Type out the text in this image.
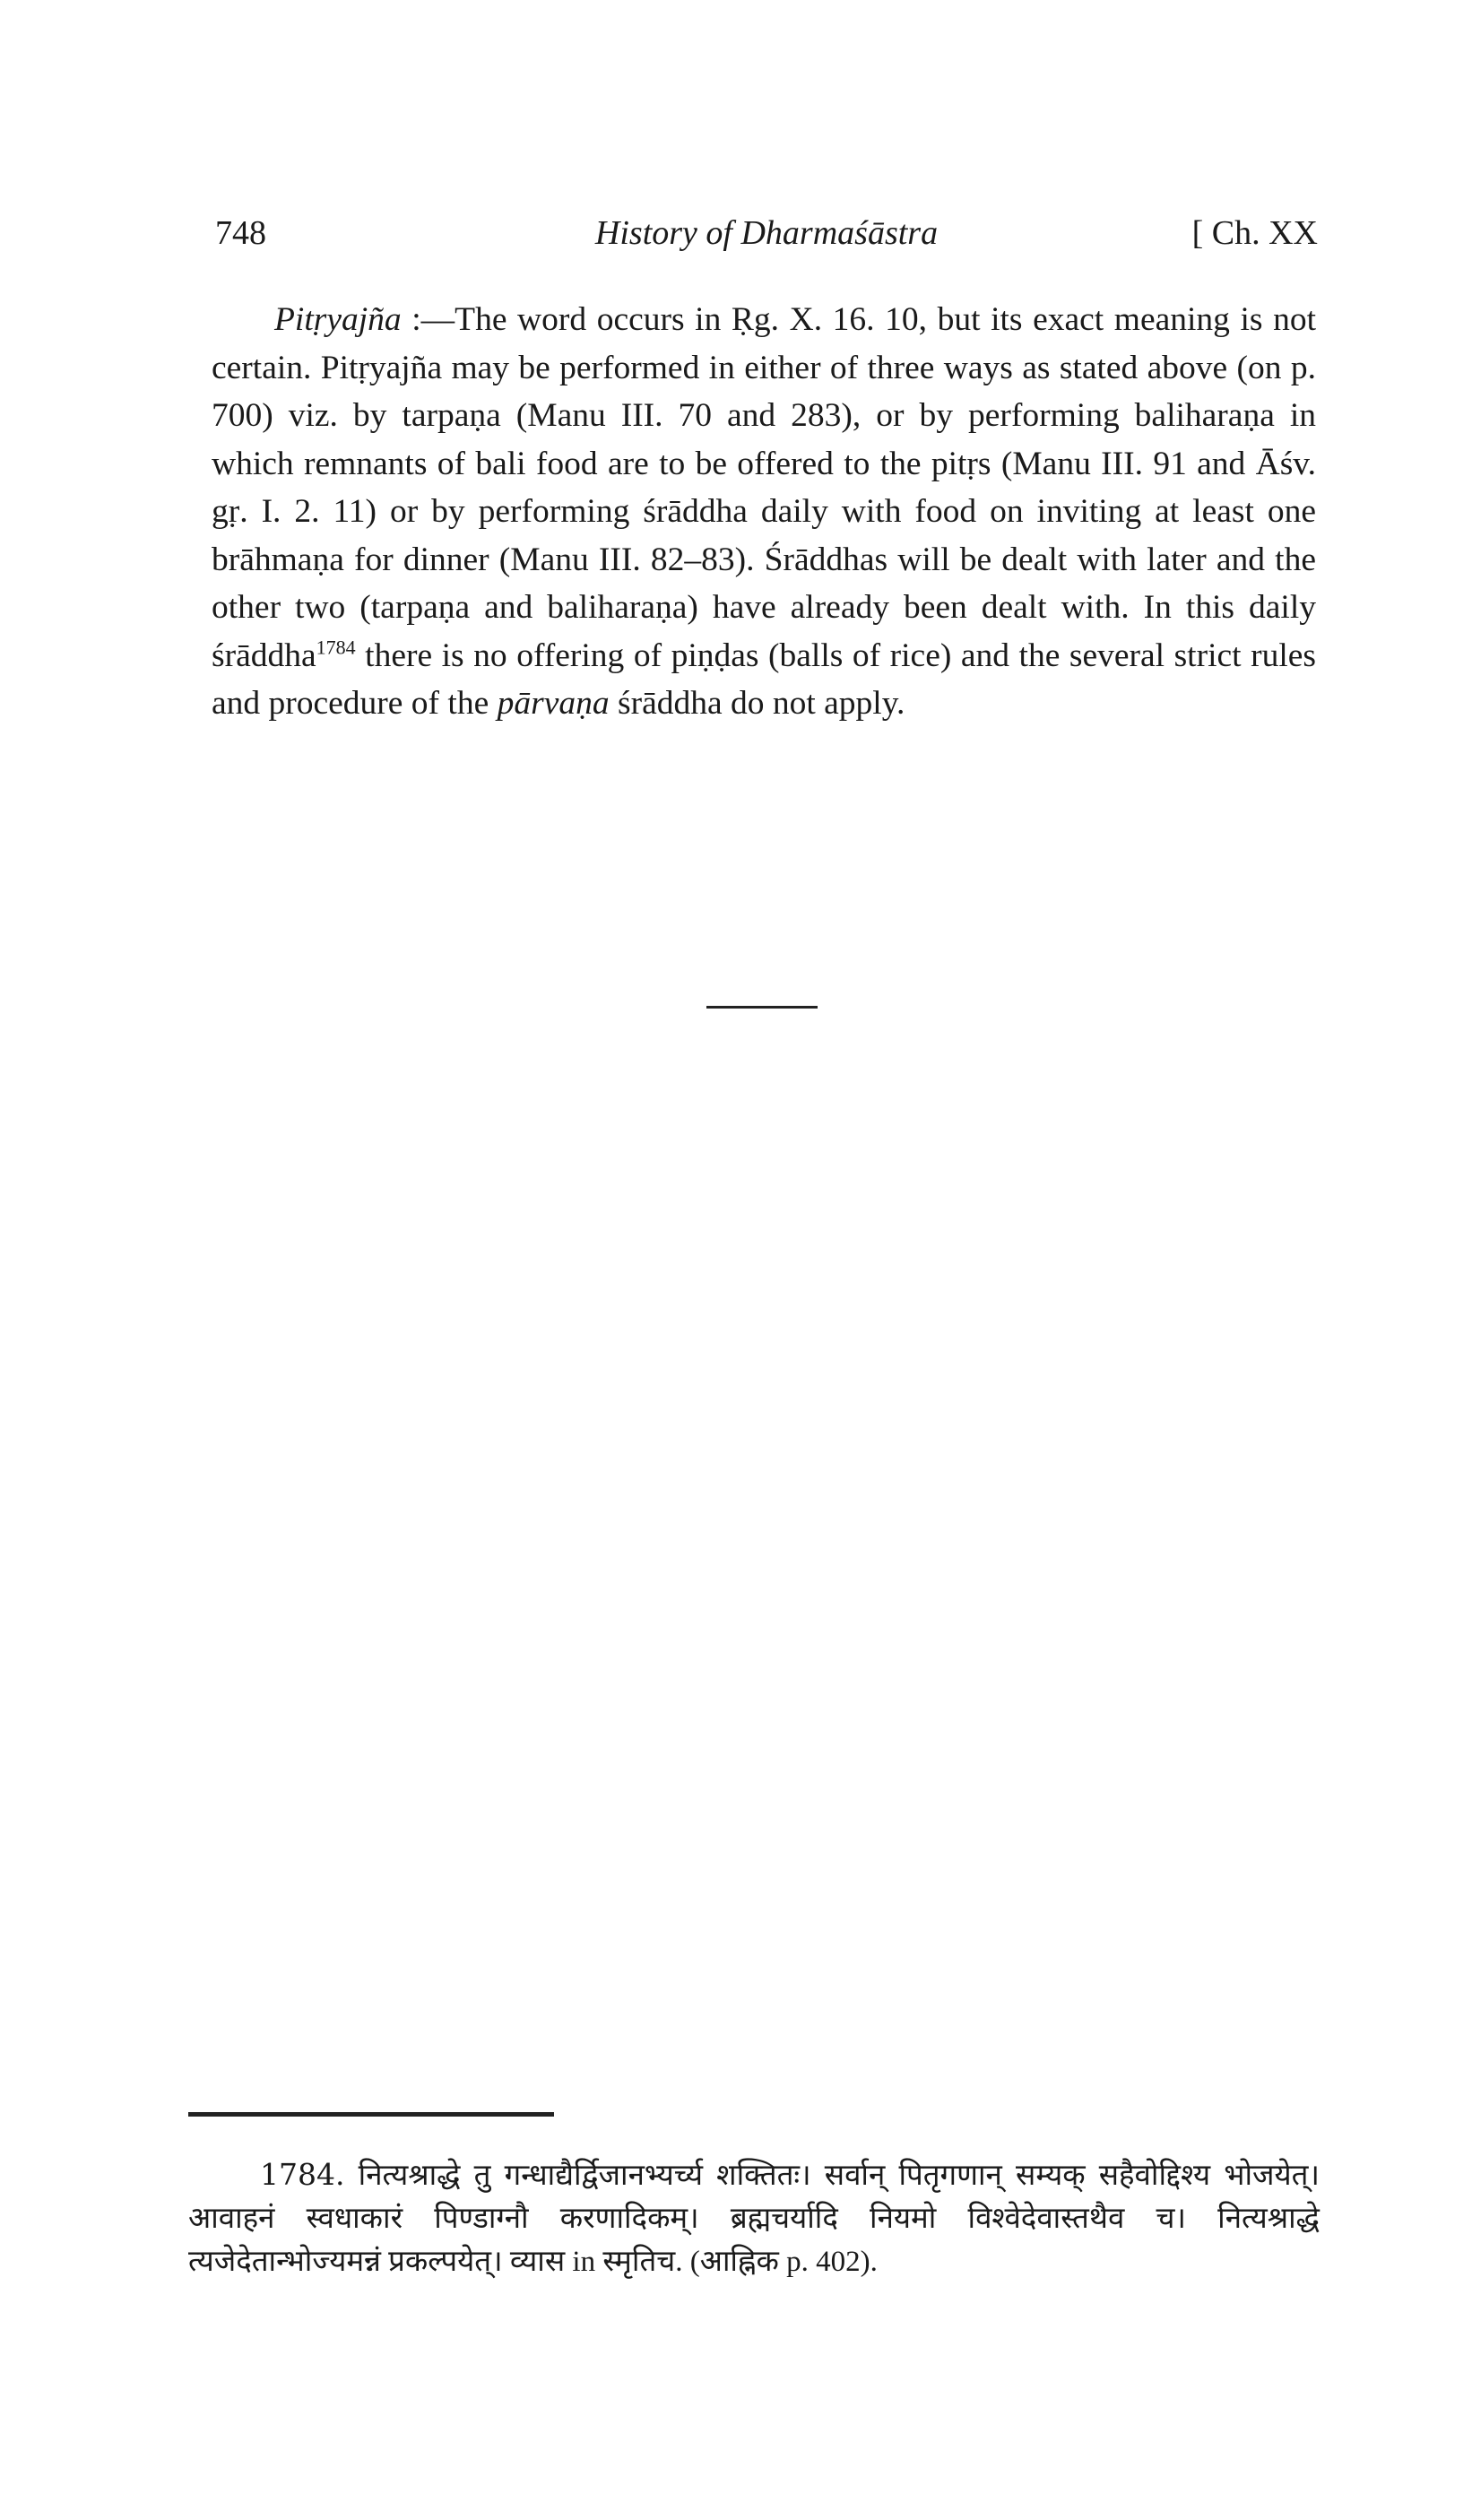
748	History of Dharmaśāstra	[ Ch. XX

Pitṛyajña :—The word occurs in Ṛg. X. 16. 10, but its exact meaning is not certain. Pitṛyajña may be performed in either of three ways as stated above (on p. 700) viz. by tarpaṇa (Manu III. 70 and 283), or by performing baliharaṇa in which remnants of bali food are to be offered to the pitṛs (Manu III. 91 and Āśv. gṛ. I. 2. 11) or by performing śrāddha daily with food on inviting at least one brāhmaṇa for dinner (Manu III. 82–83). Śrāddhas will be dealt with later and the other two (tarpaṇa and baliharaṇa) have already been dealt with. In this daily śrāddha$^{1784}$ there is no offering of piṇḍas (balls of rice) and the several strict rules and procedure of the pārvaṇa śrāddha do not apply.

1784. नित्यश्राद्धे तु गन्धाद्यैर्द्विजानभ्यर्च्य शक्तितः। सर्वान् पितृगणान् सम्यक् सहैवोद्दिश्य भोजयेत्। आवाहनं स्वधाकारं पिण्डाग्नौ करणादिकम्। ब्रह्मचर्यादि नियमो विश्वेदेवास्तथैव च। नित्यश्राद्धे त्यजेदेतान्भोज्यमन्नं प्रकल्पयेत्। व्यास in स्मृतिच. (आह्निक p. 402).
